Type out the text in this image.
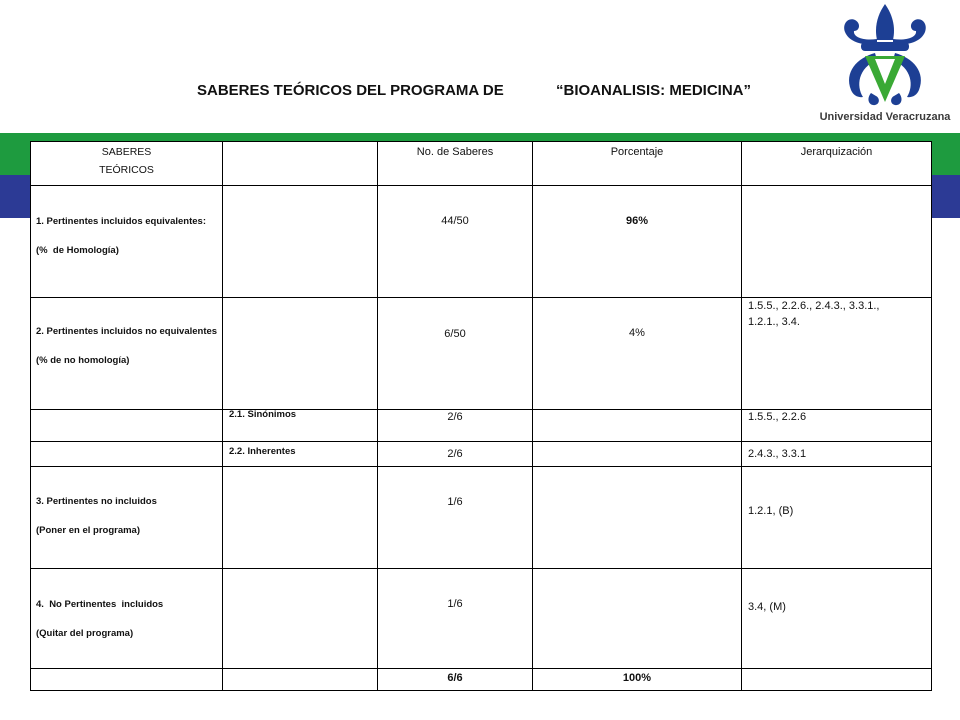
SABERES TEÓRICOS DEL PROGRAMA DE	“BIOANALISIS: MEDICINA”
Universidad Veracruzana
SABERES
TEÓRICOS		No. de Saberes	Porcentaje	Jerarquización

1. Pertinentes incluidos equivalentes:
(%  de Homología)		44/50	96%	

2. Pertinentes incluidos no equivalentes
(% de no homología)		6/50	4%	1.5.5., 2.2.6., 2.4.3., 3.3.1., 1.2.1., 3.4.

	2.1. Sinónimos	2/6		1.5.5., 2.2.6
	2.2. Inherentes	2/6		2.4.3., 3.3.1

3. Pertinentes no incluidos
(Poner en el programa)		1/6		1.2.1, (B)

4.  No Pertinentes  incluidos
(Quitar del programa)		1/6		3.4, (M)
		6/6	100%	
